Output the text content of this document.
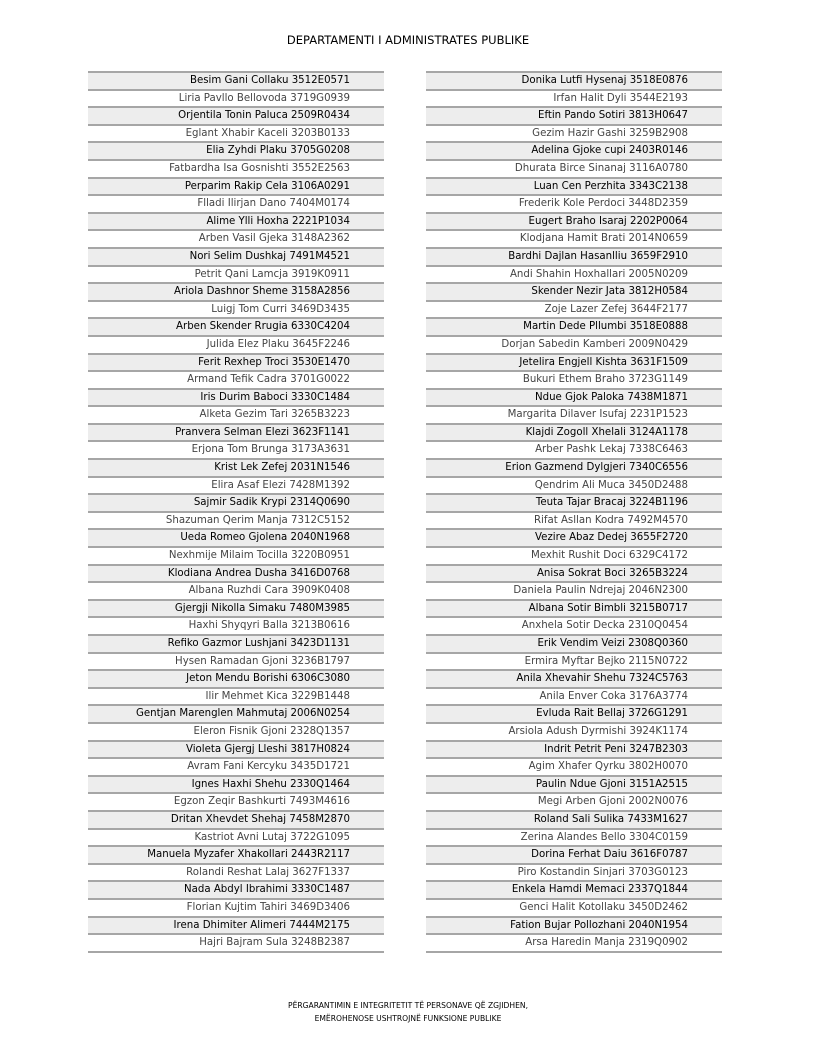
DEPARTAMENTI I ADMINISTRATES PUBLIKE
Besim Gani Collaku 3512E0571
Liria Pavllo Bellovoda 3719G0939
Orjentila Tonin Paluca 2509R0434
Eglant Xhabir Kaceli 3203B0133
Elia Zyhdi Plaku 3705G0208
Fatbardha Isa Gosnishti 3552E2563
Perparim Rakip Cela 3106A0291
Flladi Ilirjan Dano 7404M0174
Alime Ylli Hoxha 2221P1034
Arben Vasil Gjeka 3148A2362
Nori Selim Dushkaj 7491M4521
Petrit Qani Lamcja 3919K0911
Ariola Dashnor Sheme 3158A2856
Luigj Tom Curri 3469D3435
Arben Skender Rrugia 6330C4204
Julida Elez Plaku 3645F2246
Ferit Rexhep Troci 3530E1470
Armand Tefik Cadra 3701G0022
Iris Durim Baboci 3330C1484
Alketa Gezim Tari 3265B3223
Pranvera Selman Elezi 3623F1141
Erjona Tom Brunga 3173A3631
Krist Lek Zefej 2031N1546
Elira Asaf Elezi 7428M1392
Sajmir Sadik Krypi 2314Q0690
Shazuman Qerim Manja 7312C5152
Ueda Romeo Gjolena 2040N1968
Nexhmije Milaim Tocilla 3220B0951
Klodiana Andrea Dusha 3416D0768
Albana Ruzhdi Cara 3909K0408
Gjergji Nikolla Simaku 7480M3985
Haxhi Shyqyri Balla 3213B0616
Refiko Gazmor Lushjani 3423D1131
Hysen Ramadan Gjoni 3236B1797
Jeton Mendu Borishi 6306C3080
Ilir Mehmet Kica 3229B1448
Gentjan Marenglen Mahmutaj 2006N0254
Eleron Fisnik Gjoni 2328Q1357
Violeta Gjergj Lleshi 3817H0824
Avram Fani Kercyku 3435D1721
Ignes Haxhi Shehu 2330Q1464
Egzon Zeqir Bashkurti 7493M4616
Dritan Xhevdet Shehaj 7458M2870
Kastriot Avni Lutaj 3722G1095
Manuela Myzafer Xhakollari 2443R2117
Rolandi Reshat Lalaj 3627F1337
Nada Abdyl Ibrahimi 3330C1487
Florian Kujtim Tahiri 3469D3406
Irena Dhimiter Alimeri 7444M2175
Hajri Bajram Sula 3248B2387
Donika Lutfi Hysenaj 3518E0876
Irfan Halit Dyli 3544E2193
Eftin Pando Sotiri 3813H0647
Gezim Hazir Gashi 3259B2908
Adelina Gjoke cupi 2403R0146
Dhurata Birce Sinanaj 3116A0780
Luan Cen Perzhita 3343C2138
Frederik Kole Perdoci 3448D2359
Eugert Braho Isaraj 2202P0064
Klodjana Hamit Brati 2014N0659
Bardhi Dajlan Hasanlliu 3659F2910
Andi Shahin Hoxhallari 2005N0209
Skender Nezir Jata 3812H0584
Zoje Lazer Zefej 3644F2177
Martin Dede Pllumbi 3518E0888
Dorjan Sabedin Kamberi 2009N0429
Jetelira Engjell Kishta 3631F1509
Bukuri Ethem Braho 3723G1149
Ndue Gjok Paloka 7438M1871
Margarita Dilaver Isufaj 2231P1523
Klajdi Zogoll Xhelali 3124A1178
Arber Pashk Lekaj 7338C6463
Erion Gazmend Dylgjeri 7340C6556
Qendrim Ali Muca 3450D2488
Teuta Tajar Bracaj 3224B1196
Rifat Asllan Kodra 7492M4570
Vezire Abaz Dedej 3655F2720
Mexhit Rushit Doci 6329C4172
Anisa Sokrat Boci 3265B3224
Daniela Paulin Ndrejaj 2046N2300
Albana Sotir Bimbli 3215B0717
Anxhela Sotir Decka 2310Q0454
Erik Vendim Veizi 2308Q0360
Ermira Myftar Bejko 2115N0722
Anila Xhevahir Shehu 7324C5763
Anila Enver Coka 3176A3774
Evluda Rait Bellaj 3726G1291
Arsiola Adush Dyrmishi 3924K1174
Indrit Petrit Peni 3247B2303
Agim Xhafer Qyrku 3802H0070
Paulin Ndue Gjoni 3151A2515
Megi Arben Gjoni 2002N0076
Roland Sali Sulika 7433M1627
Zerina Alandes Bello 3304C0159
Dorina Ferhat Daiu 3616F0787
Piro Kostandin Sinjari 3703G0123
Enkela Hamdi Memaci 2337Q1844
Genci Halit Kotollaku 3450D2462
Fation Bujar Pollozhani 2040N1954
Arsa Haredin Manja 2319Q0902
PËRGARANTIMIN E INTEGRITETIT TË PERSONAVE QË ZGJIDHEN,
EMËROHENOSE USHTROJNË FUNKSIONE PUBLIKE
